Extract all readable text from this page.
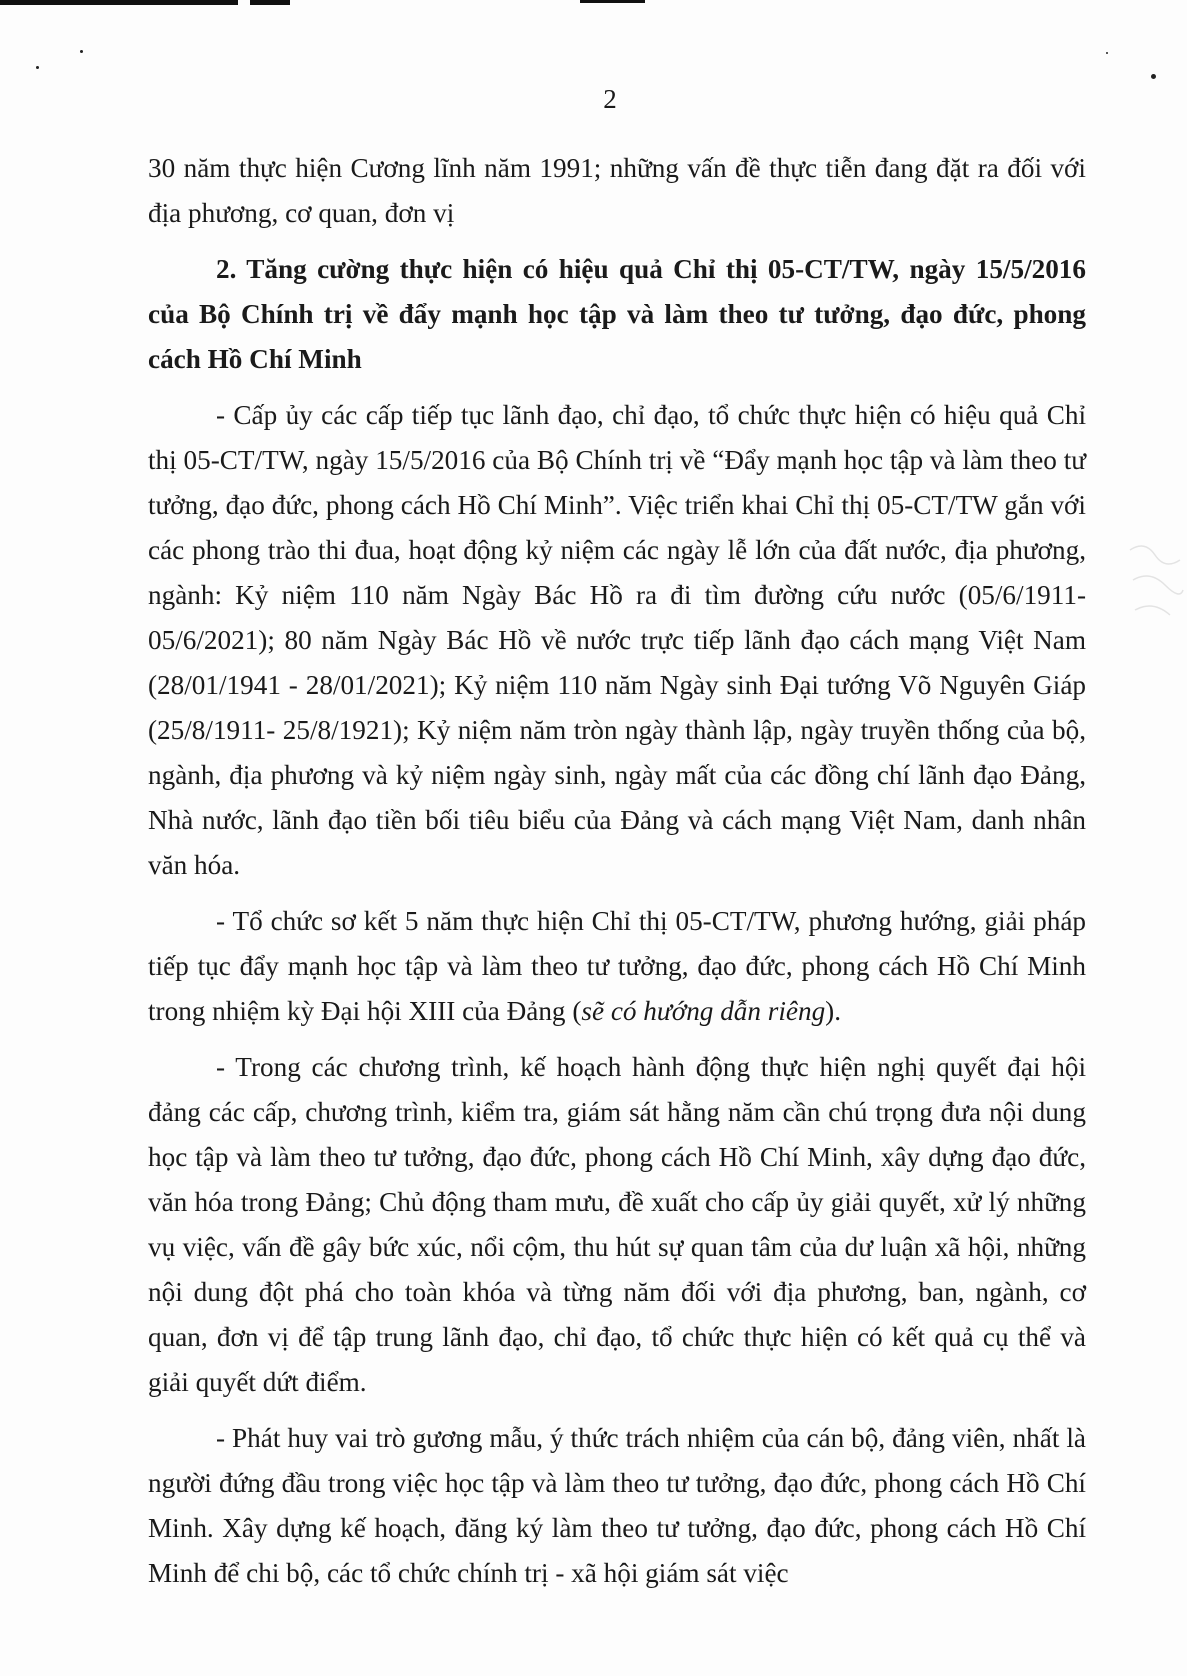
2

30 năm thực hiện Cương lĩnh năm 1991; những vấn đề thực tiễn đang đặt ra đối với địa phương, cơ quan, đơn vị

2. Tăng cường thực hiện có hiệu quả Chỉ thị 05-CT/TW, ngày 15/5/2016 của Bộ Chính trị về đẩy mạnh học tập và làm theo tư tưởng, đạo đức, phong cách Hồ Chí Minh

- Cấp ủy các cấp tiếp tục lãnh đạo, chỉ đạo, tổ chức thực hiện có hiệu quả Chỉ thị 05-CT/TW, ngày 15/5/2016 của Bộ Chính trị về “Đẩy mạnh học tập và làm theo tư tưởng, đạo đức, phong cách Hồ Chí Minh”. Việc triển khai Chỉ thị 05-CT/TW gắn với các phong trào thi đua, hoạt động kỷ niệm các ngày lễ lớn của đất nước, địa phương, ngành: Kỷ niệm 110 năm Ngày Bác Hồ ra đi tìm đường cứu nước (05/6/1911- 05/6/2021); 80 năm Ngày Bác Hồ về nước trực tiếp lãnh đạo cách mạng Việt Nam (28/01/1941 - 28/01/2021); Kỷ niệm 110 năm Ngày sinh Đại tướng Võ Nguyên Giáp (25/8/1911- 25/8/1921); Kỷ niệm năm tròn ngày thành lập, ngày truyền thống của bộ, ngành, địa phương và kỷ niệm ngày sinh, ngày mất của các đồng chí lãnh đạo Đảng, Nhà nước, lãnh đạo tiền bối tiêu biểu của Đảng và cách mạng Việt Nam, danh nhân văn hóa.

- Tổ chức sơ kết 5 năm thực hiện Chỉ thị 05-CT/TW, phương hướng, giải pháp tiếp tục đẩy mạnh học tập và làm theo tư tưởng, đạo đức, phong cách Hồ Chí Minh trong nhiệm kỳ Đại hội XIII của Đảng (sẽ có hướng dẫn riêng).

- Trong các chương trình, kế hoạch hành động thực hiện nghị quyết đại hội đảng các cấp, chương trình, kiểm tra, giám sát hằng năm cần chú trọng đưa nội dung học tập và làm theo tư tưởng, đạo đức, phong cách Hồ Chí Minh, xây dựng đạo đức, văn hóa trong Đảng; Chủ động tham mưu, đề xuất cho cấp ủy giải quyết, xử lý những vụ việc, vấn đề gây bức xúc, nổi cộm, thu hút sự quan tâm của dư luận xã hội, những nội dung đột phá cho toàn khóa và từng năm đối với địa phương, ban, ngành, cơ quan, đơn vị để tập trung lãnh đạo, chỉ đạo, tổ chức thực hiện có kết quả cụ thể và giải quyết dứt điểm.

- Phát huy vai trò gương mẫu, ý thức trách nhiệm của cán bộ, đảng viên, nhất là người đứng đầu trong việc học tập và làm theo tư tưởng, đạo đức, phong cách Hồ Chí Minh. Xây dựng kế hoạch, đăng ký làm theo tư tưởng, đạo đức, phong cách Hồ Chí Minh để chi bộ, các tổ chức chính trị - xã hội giám sát việc
